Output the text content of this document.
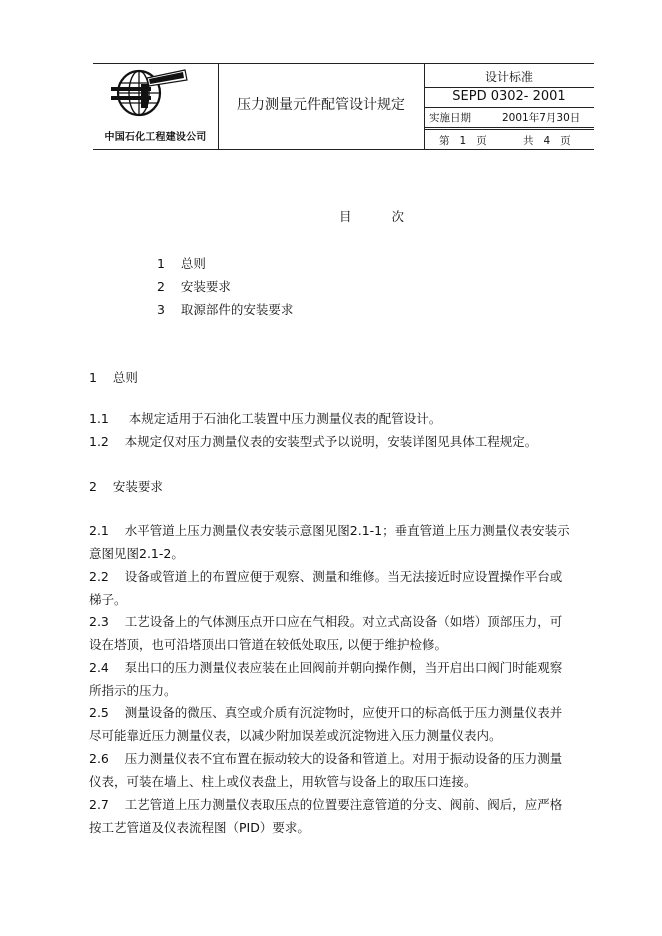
中国石化工程建设公司
压力测量元件配管设计规定
设计标准
SEPD 0302- 2001
实施日期	2001年7月30日
第   1   页	共   4   页
目	次
1    总则
2    安装要求
3    取源部件的安装要求
1    总则
1.1     本规定适用于石油化工装置中压力测量仪表的配管设计。
1.2    本规定仅对压力测量仪表的安装型式予以说明，安装详图见具体工程规定。
2    安装要求
2.1    水平管道上压力测量仪表安装示意图见图2.1-1；垂直管道上压力测量仪表安装示
意图见图2.1-2。
2.2    设备或管道上的布置应便于观察、测量和维修。当无法接近时应设置操作平台或
梯子。
2.3    工艺设备上的气体测压点开口应在气相段。对立式高设备（如塔）顶部压力，可
设在塔顶，也可沿塔顶出口管道在较低处取压, 以便于维护检修。
2.4    泵出口的压力测量仪表应装在止回阀前并朝向操作侧，当开启出口阀门时能观察
所指示的压力。
2.5    测量设备的微压、真空或介质有沉淀物时，应使开口的标高低于压力测量仪表并
尽可能靠近压力测量仪表，以减少附加误差或沉淀物进入压力测量仪表内。
2.6    压力测量仪表不宜布置在振动较大的设备和管道上。对用于振动设备的压力测量
仪表，可装在墙上、柱上或仪表盘上，用软管与设备上的取压口连接。
2.7    工艺管道上压力测量仪表取压点的位置要注意管道的分支、阀前、阀后，应严格
按工艺管道及仪表流程图（PID）要求。
